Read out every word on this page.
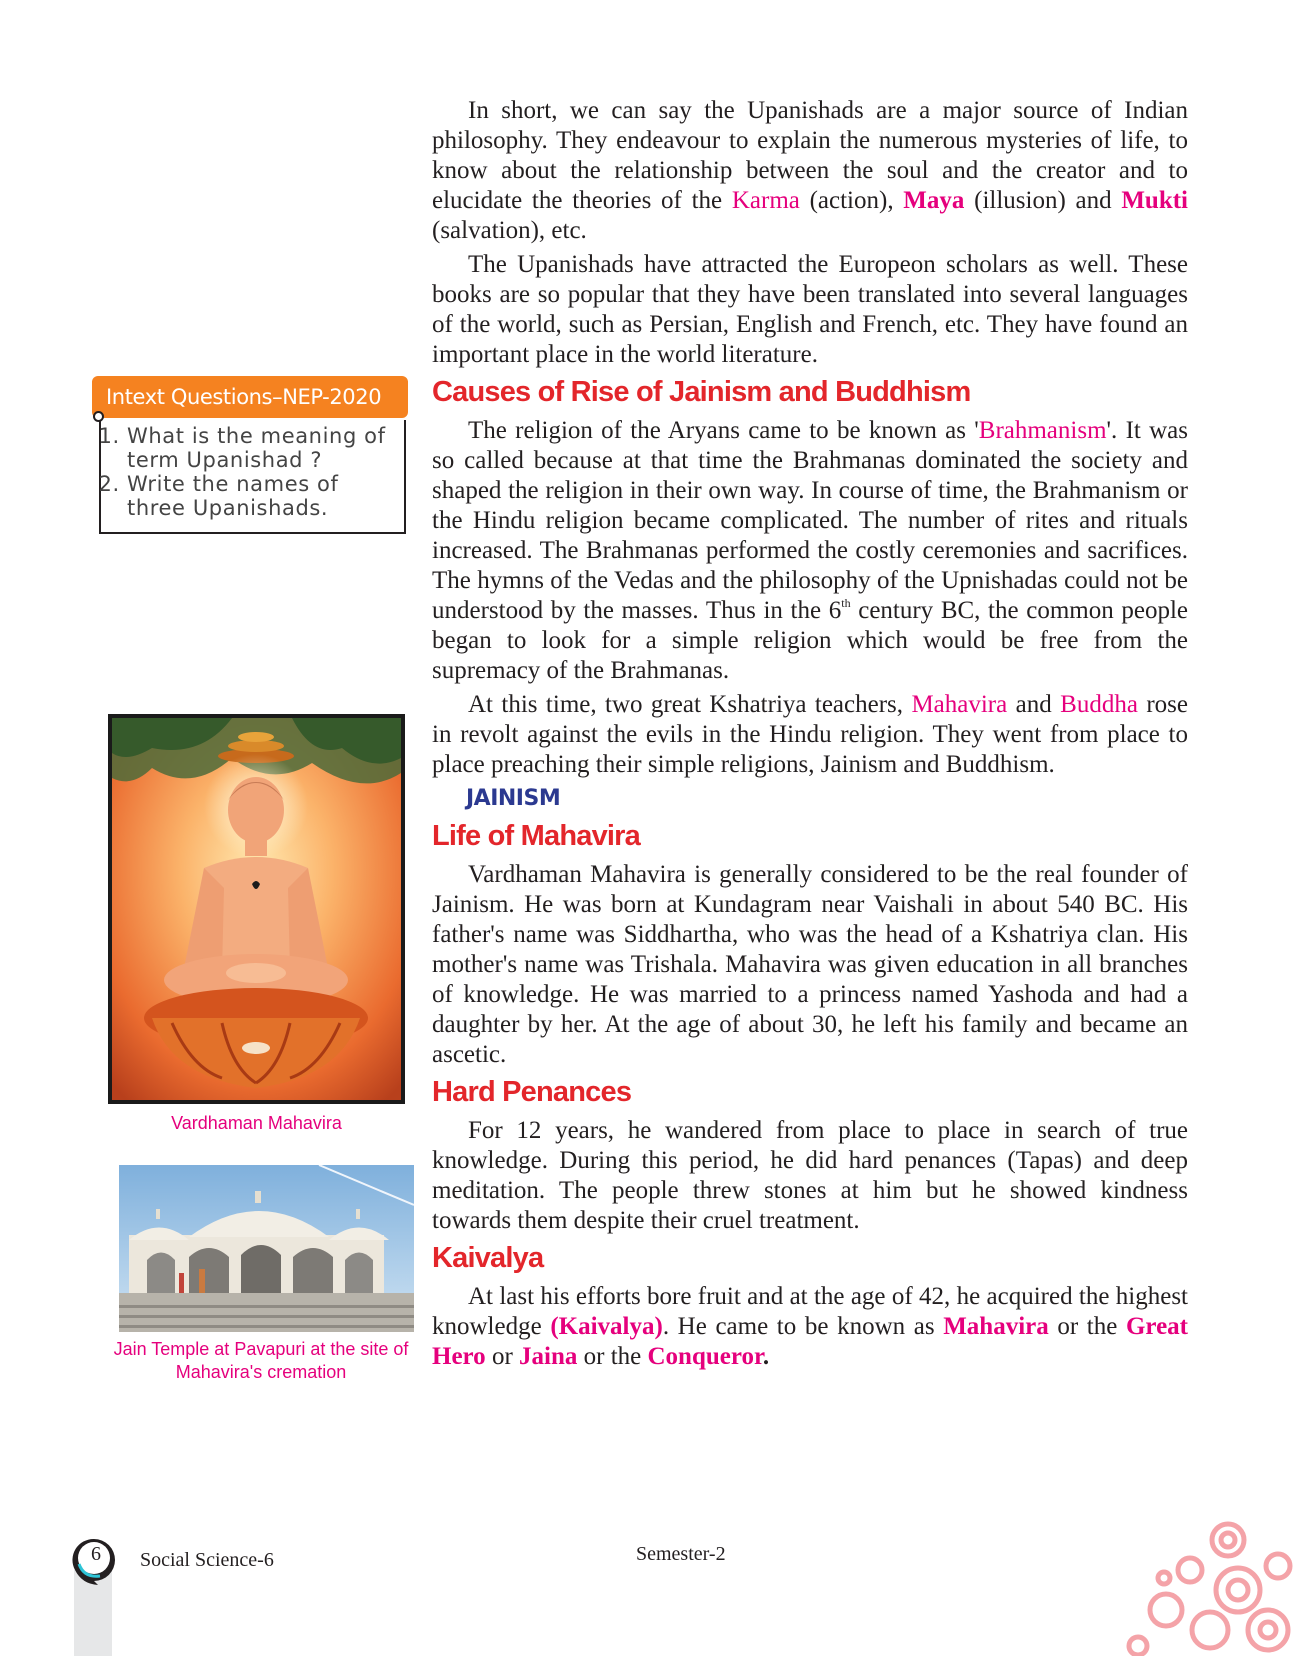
In short, we can say the Upanishads are a major source of Indian philosophy. They endeavour to explain the numerous mysteries of life, to know about the relationship between the soul and the creator and to elucidate the theories of the Karma (action), Maya (illusion) and Mukti (salvation), etc.

The Upanishads have attracted the Europeon scholars as well. These books are so popular that they have been translated into several languages of the world, such as Persian, English and French, etc. They have found an important place in the world literature.

Causes of Rise of Jainism and Buddhism

The religion of the Aryans came to be known as 'Brahmanism'. It was so called because at that time the Brahmanas dominated the society and shaped the religion in their own way. In course of time, the Brahmanism or the Hindu religion became complicated. The number of rites and rituals increased. The Brahmanas performed the costly ceremonies and sacrifices. The hymns of the Vedas and the philosophy of the Upnishadas could not be understood by the masses. Thus in the 6th century BC, the common people began to look for a simple religion which would be free from the supremacy of the Brahmanas.

At this time, two great Kshatriya teachers, Mahavira and Buddha rose in revolt against the evils in the Hindu religion. They went from place to place preaching their simple religions, Jainism and Buddhism.

JAINISM
Life of Mahavira

Vardhaman Mahavira is generally considered to be the real founder of Jainism. He was born at Kundagram near Vaishali in about 540 BC. His father's name was Siddhartha, who was the head of a Kshatriya clan. His mother's name was Trishala. Mahavira was given education in all branches of knowledge. He was married to a princess named Yashoda and had a daughter by her. At the age of about 30, he left his family and became an ascetic.

Hard Penances

For 12 years, he wandered from place to place in search of true knowledge. During this period, he did hard penances (Tapas) and deep meditation. The people threw stones at him but he showed kindness towards them despite their cruel treatment.

Kaivalya

At last his efforts bore fruit and at the age of 42, he acquired the highest knowledge (Kaivalya). He came to be known as Mahavira or the Great Hero or Jaina or the Conqueror.

Intext Questions–NEP-2020
1. What is the meaning of term Upanishad ?
2. Write the names of three Upanishads.
Vardhaman Mahavira
Jain Temple at Pavapuri at the site of Mahavira's cremation
6 Social Science-6	Semester-2
